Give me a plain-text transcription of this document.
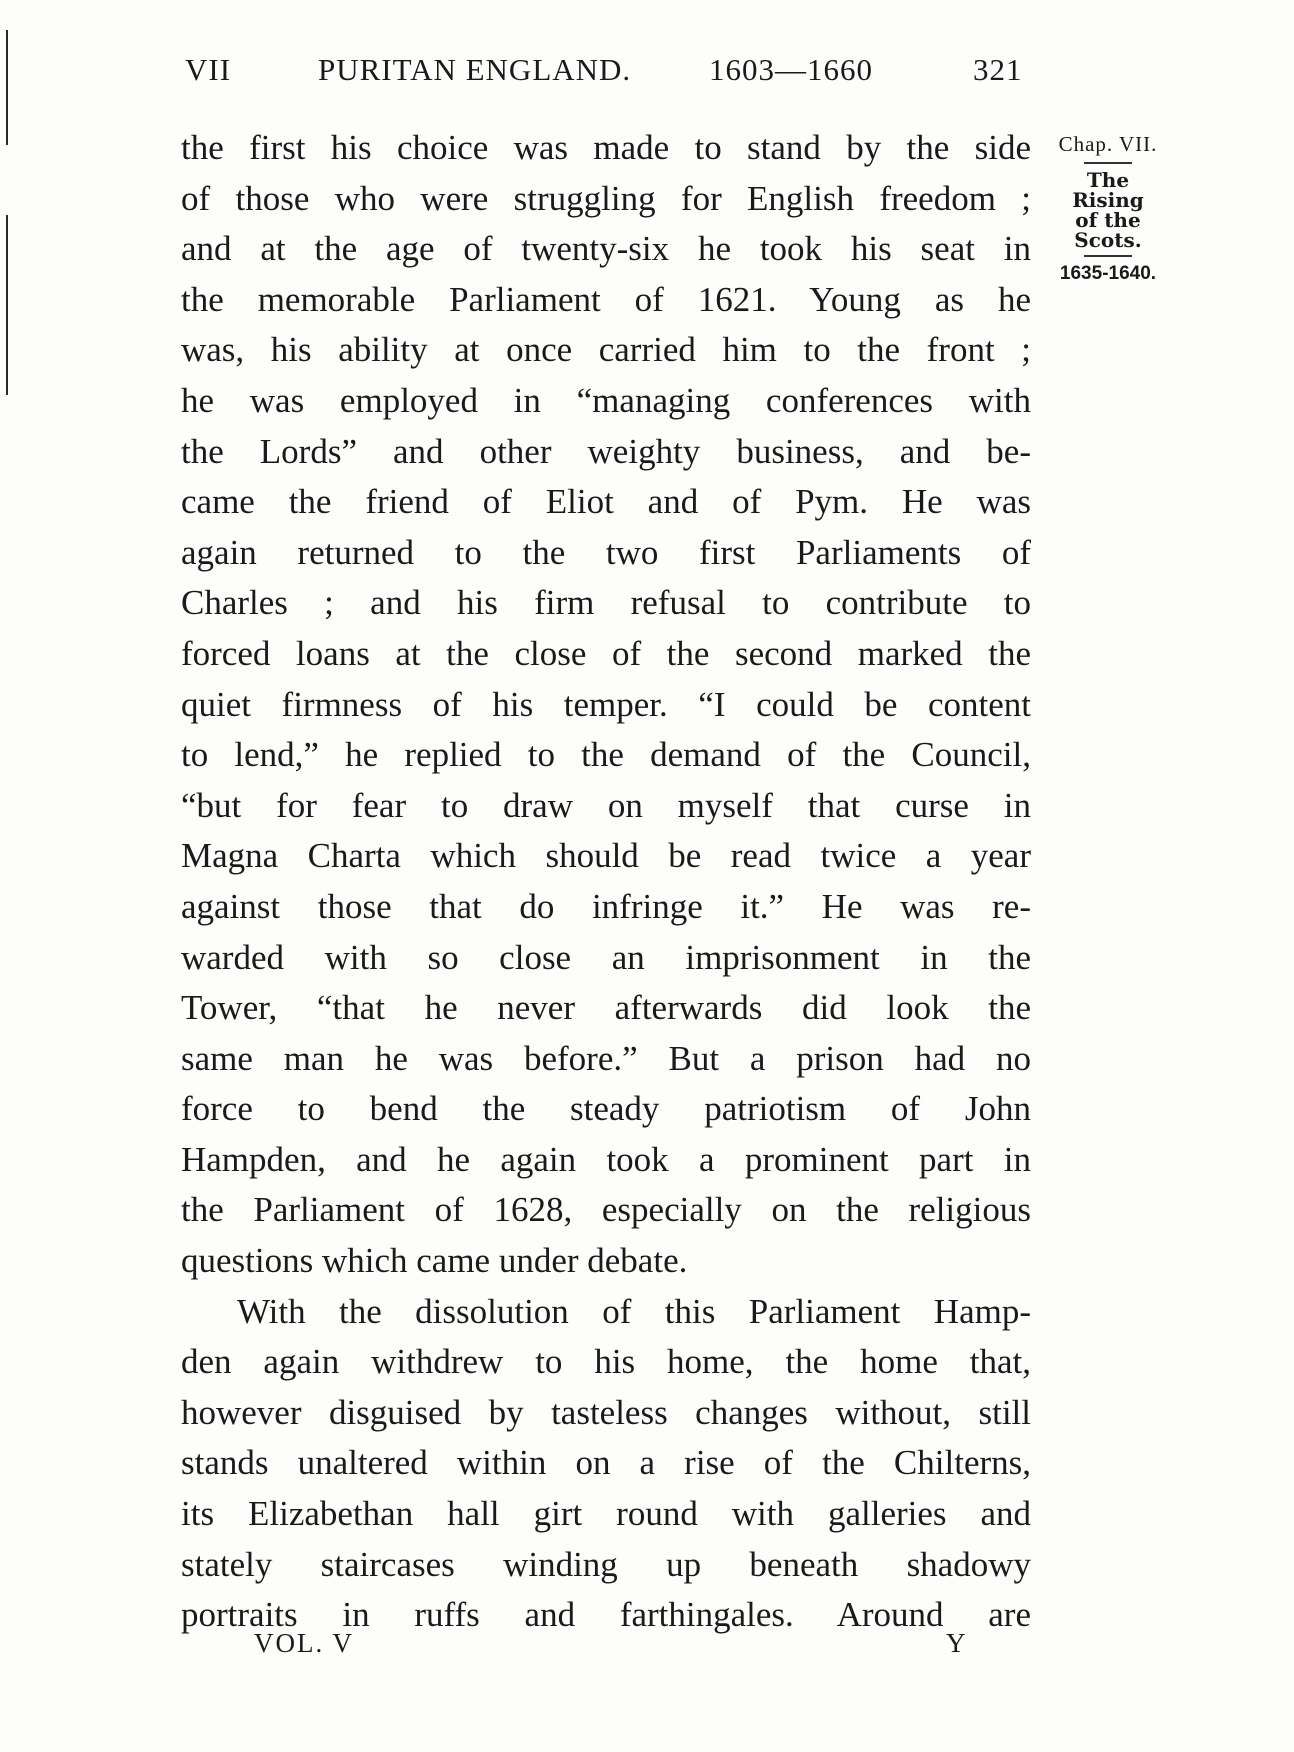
VII	PURITAN ENGLAND.	1603—1660	321
Chap. VII.
The Rising
of the
Scots.
1635-1640.
the first his choice was made to stand by the side
of those who were struggling for English freedom ;
and at the age of twenty-six he took his seat in
the memorable Parliament of 1621. Young as he
was, his ability at once carried him to the front ;
he was employed in “managing conferences with
the Lords” and other weighty business, and be-
came the friend of Eliot and of Pym. He was
again returned to the two first Parliaments of
Charles ; and his firm refusal to contribute to
forced loans at the close of the second marked the
quiet firmness of his temper. “I could be content
to lend,” he replied to the demand of the Council,
“but for fear to draw on myself that curse in
Magna Charta which should be read twice a year
against those that do infringe it.” He was re-
warded with so close an imprisonment in the
Tower, “that he never afterwards did look the
same man he was before.” But a prison had no
force to bend the steady patriotism of John
Hampden, and he again took a prominent part in
the Parliament of 1628, especially on the religious
questions which came under debate.
With the dissolution of this Parliament Hamp-
den again withdrew to his home, the home that,
however disguised by tasteless changes without, still
stands unaltered within on a rise of the Chilterns,
its Elizabethan hall girt round with galleries and
stately staircases winding up beneath shadowy
portraits in ruffs and farthingales. Around are
VOL. V	Y
